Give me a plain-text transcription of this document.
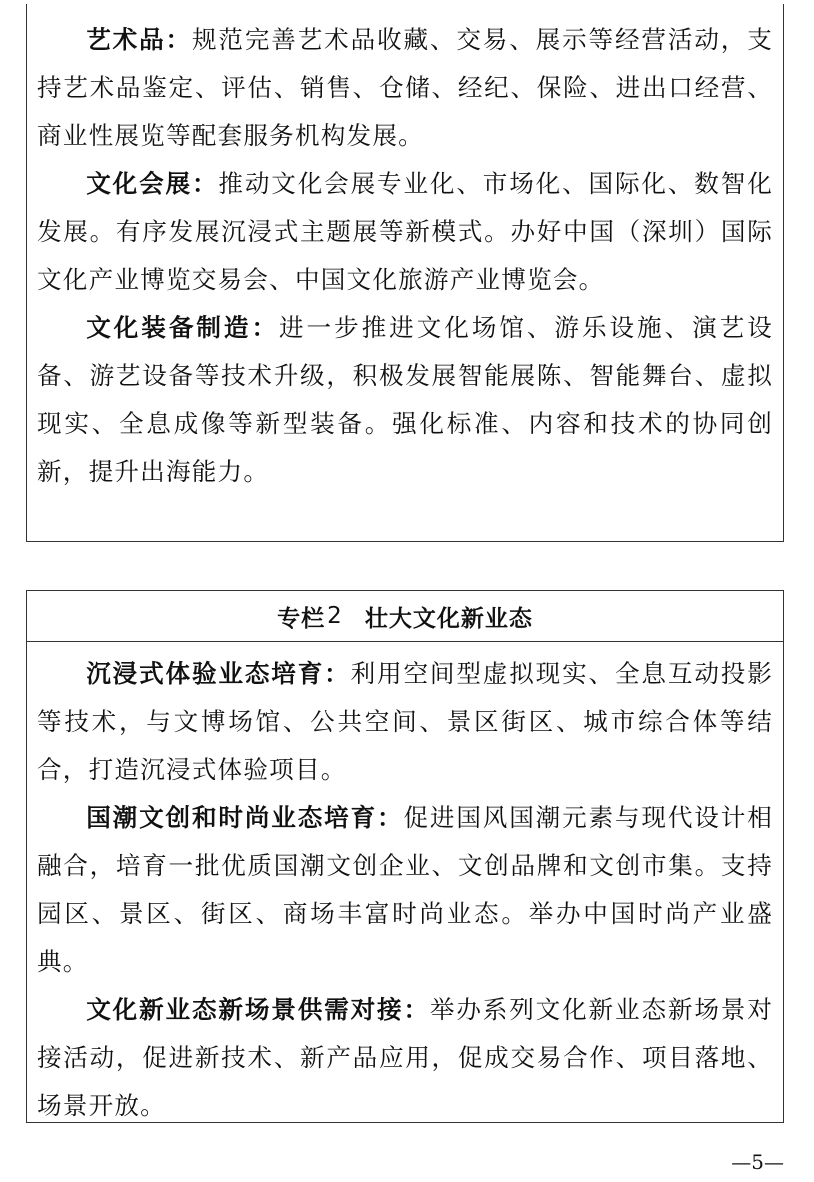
艺术品：规范完善艺术品收藏、交易、展示等经营活动，支持艺术品鉴定、评估、销售、仓储、经纪、保险、进出口经营、商业性展览等配套服务机构发展。

文化会展：推动文化会展专业化、市场化、国际化、数智化发展。有序发展沉浸式主题展等新模式。办好中国（深圳）国际文化产业博览交易会、中国文化旅游产业博览会。

文化装备制造：进一步推进文化场馆、游乐设施、演艺设备、游艺设备等技术升级，积极发展智能展陈、智能舞台、虚拟现实、全息成像等新型装备。强化标准、内容和技术的协同创新，提升出海能力。

专栏 2 壮大文化新业态

沉浸式体验业态培育：利用空间型虚拟现实、全息互动投影等技术，与文博场馆、公共空间、景区街区、城市综合体等结合，打造沉浸式体验项目。

国潮文创和时尚业态培育：促进国风国潮元素与现代设计相融合，培育一批优质国潮文创企业、文创品牌和文创市集。支持园区、景区、街区、商场丰富时尚业态。举办中国时尚产业盛典。

文化新业态新场景供需对接：举办系列文化新业态新场景对接活动，促进新技术、新产品应用，促成交易合作、项目落地、场景开放。

—5—
